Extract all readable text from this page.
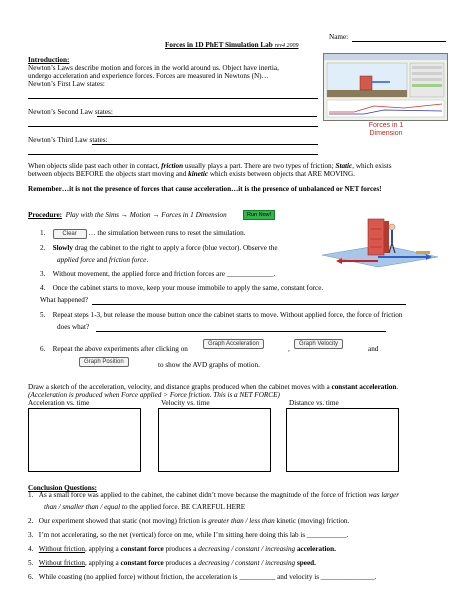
Name:
Forces in 1D PhET Simulation Lab rev4 2009
Introduction:
Newton’s Laws describe motion and forces in the world around us. Object have inertia,
undergo acceleration and experience forces. Forces are measured in Newtons (N)…
Newton’s First Law states:
Newton’s Second Law states:
Newton’s Third Law states:
Forces in 1
Dimension
When objects slide past each other in contact, friction usually plays a part. There are two types of friction; Static, which exists
between objects BEFORE the objects start moving and kinetic which exists between objects that ARE MOVING.
Remember…it is not the presence of forces that cause acceleration…it is the presence of unbalanced or NET forces!
Procedure: Play with the Sims → Motion → Forces in 1 Dimension	Run Now!
1.    Clear … the simulation between runs to reset the simulation.
2.    Slowly drag the cabinet to the right to apply a force (blue vector). Observe the
applied force and friction force.
3.    Without movement, the applied force and friction forces are _____________.
4.    Once the cabinet starts to move, keep your mouse immobile to apply the same, constant force.
What happened?
5.    Repeat steps 1-3, but release the mouse button once the cabinet starts to move. Without applied force, the force of friction
does what?
6.    Repeat the above experiments after clicking on
Graph Acceleration
,
Graph Velocity
and
Graph Position	to show the AVD graphs of motion.
Draw a sketch of the acceleration, velocity, and distance graphs produced when the cabinet moves with a constant acceleration.
(Acceleration is produced when Force applied > Force friction. This is a NET FORCE)
Acceleration vs. time	Velocity vs. time	Distance vs. time
Conclusion Questions:
1.   As a small force was applied to the cabinet, the cabinet didn’t move because the magnitude of the force of friction was larger
than / smaller than / equal to the applied force. BE CAREFUL HERE
2.   Our experiment showed that static (not moving) friction is greater than / less than kinetic (moving) friction.
3.   I’m not accelerating, so the net (vertical) force on me, while I’m sitting here doing this lab is ___________.
4.   Without friction, applying a constant force produces a decreasing / constant / increasing acceleration.
5.   Without friction, applying a constant force produces a decreasing / constant / increasing speed.
6.   While coasting (no applied force) without friction, the acceleration is __________ and velocity is _______________.
